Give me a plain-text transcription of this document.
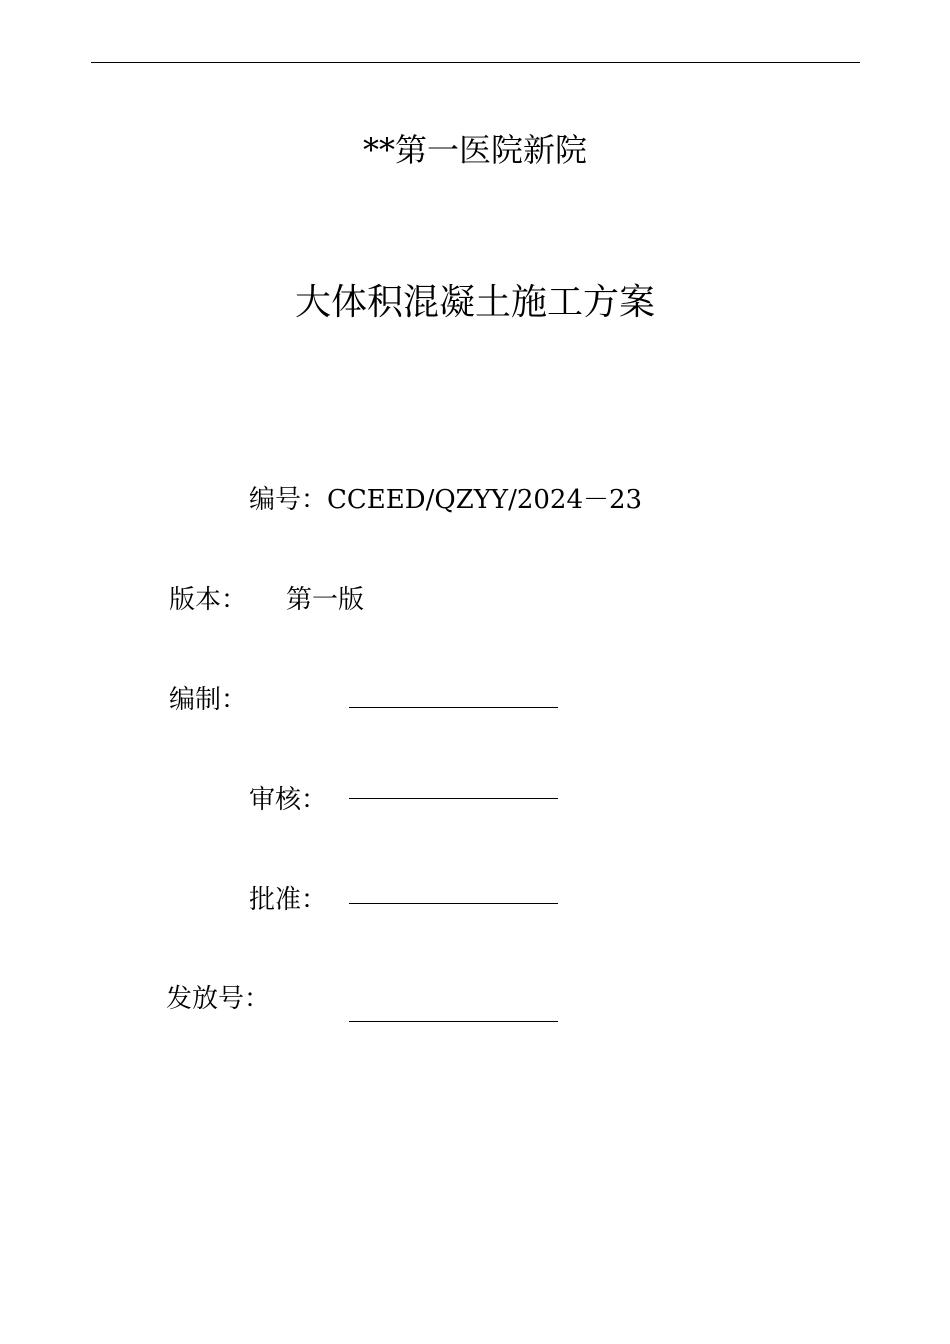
**第一医院新院
大体积混凝土施工方案
编号：CCEED/QZYY/2024－23
版本： 第一版
编制：
审核：
批准：
发放号：
